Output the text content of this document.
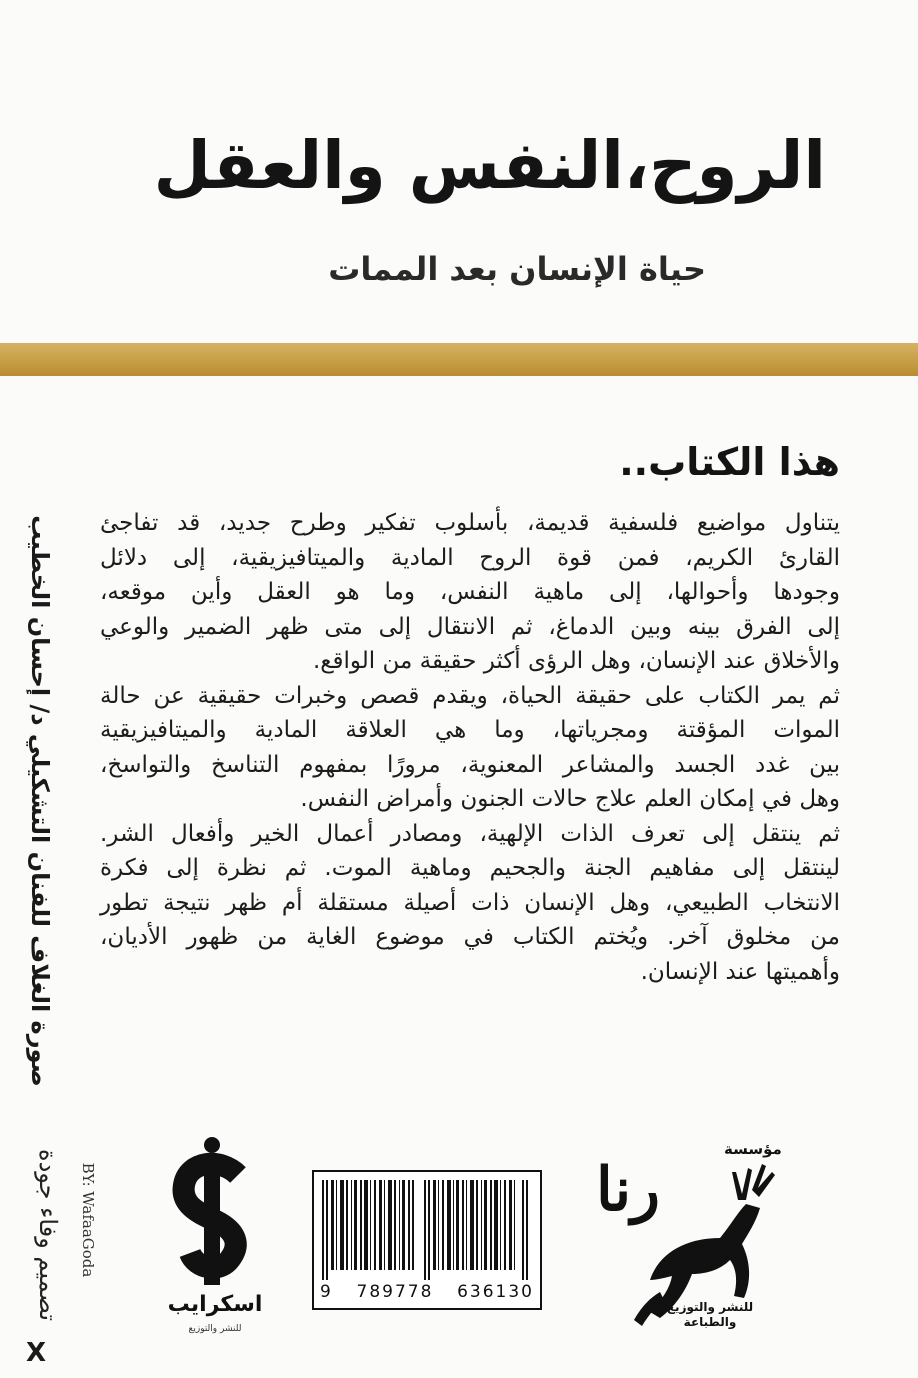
الروح،النفس والعقل
حياة الإنسان بعد الممات
هذا الكتاب..
يتناول مواضيع فلسفية قديمة، بأسلوب تفكير وطرح جديد، قد تفاجئ
القارئ الكريم، فمن قوة الروح المادية والميتافيزيقية، إلى دلائل
وجودها وأحوالها، إلى ماهية النفس، وما هو العقل وأين موقعه،
إلى الفرق بينه وبين الدماغ، ثم الانتقال إلى متى ظهر الضمير والوعي
والأخلاق عند الإنسان، وهل الرؤى أكثر حقيقة من الواقع.
ثم يمر الكتاب على حقيقة الحياة، ويقدم قصص وخبرات حقيقية عن حالة
الموات المؤقتة ومجرياتها، وما هي العلاقة المادية والميتافيزيقية
بين غدد الجسد والمشاعر المعنوية، مرورًا بمفهوم التناسخ والتواسخ،
وهل في إمكان العلم علاج حالات الجنون وأمراض النفس.
ثم ينتقل إلى تعرف الذات الإلهية، ومصادر أعمال الخير وأفعال الشر.
لينتقل إلى مفاهيم الجنة والجحيم وماهية الموت. ثم نظرة إلى فكرة
الانتخاب الطبيعي، وهل الإنسان ذات أصيلة مستقلة أم ظهر نتيجة تطور
من مخلوق آخر. ويُختم الكتاب في موضوع الغاية من ظهور الأديان،
وأهميتها عند الإنسان.
صورة الغلاف للفنان التشكيلي د/ إحسان الخطيب
تصميم وفاء جودة BY: WafaaGoda
X
اسكرايب
للنشر والتوزيع
9 789778 636130
رنا
مؤسسة
للنشر والتوزيع والطباعة
